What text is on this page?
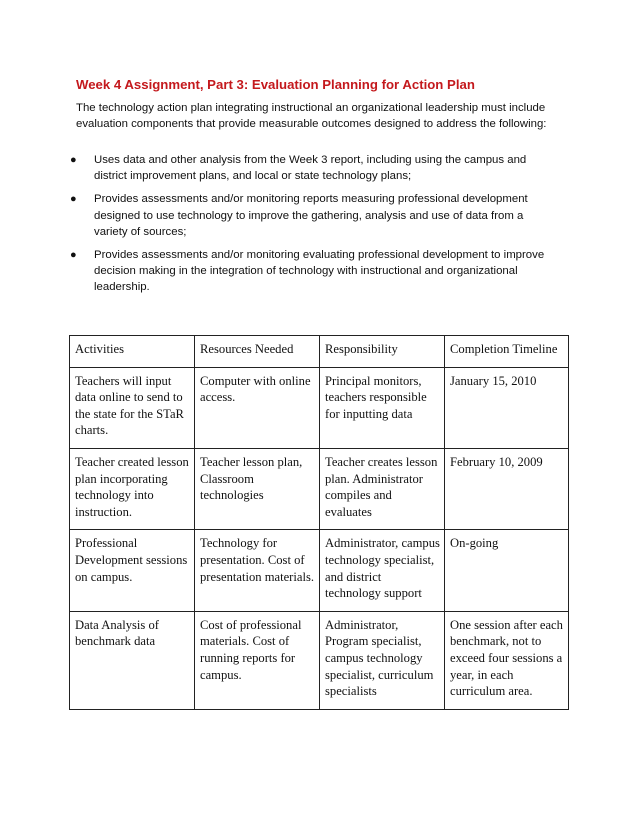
Week 4 Assignment, Part 3: Evaluation Planning for Action Plan
The technology action plan integrating instructional an organizational leadership must include evaluation components that provide measurable outcomes designed to address the following:
● Uses data and other analysis from the Week 3 report, including using the campus and district improvement plans, and local or state technology plans;
● Provides assessments and/or monitoring reports measuring professional development designed to use technology to improve the gathering, analysis and use of data from a variety of sources;
● Provides assessments and/or monitoring evaluating professional development to improve decision making in the integration of technology with instructional and organizational leadership.
Activities	Resources Needed	Responsibility	Completion Timeline
Teachers will input data online to send to the state for the STaR charts.	Computer with online access.	Principal monitors, teachers responsible for inputting data	January 15, 2010
Teacher created lesson plan incorporating technology into instruction.	Teacher lesson plan, Classroom technologies	Teacher creates lesson plan. Administrator compiles and evaluates	February 10, 2009
Professional Development sessions on campus.	Technology for presentation. Cost of presentation materials.	Administrator, campus technology specialist, and district technology support	On-going
Data Analysis of benchmark data	Cost of professional materials. Cost of running reports for campus.	Administrator, Program specialist, campus technology specialist, curriculum specialists	One session after each benchmark, not to exceed four sessions a year, in each curriculum area.
